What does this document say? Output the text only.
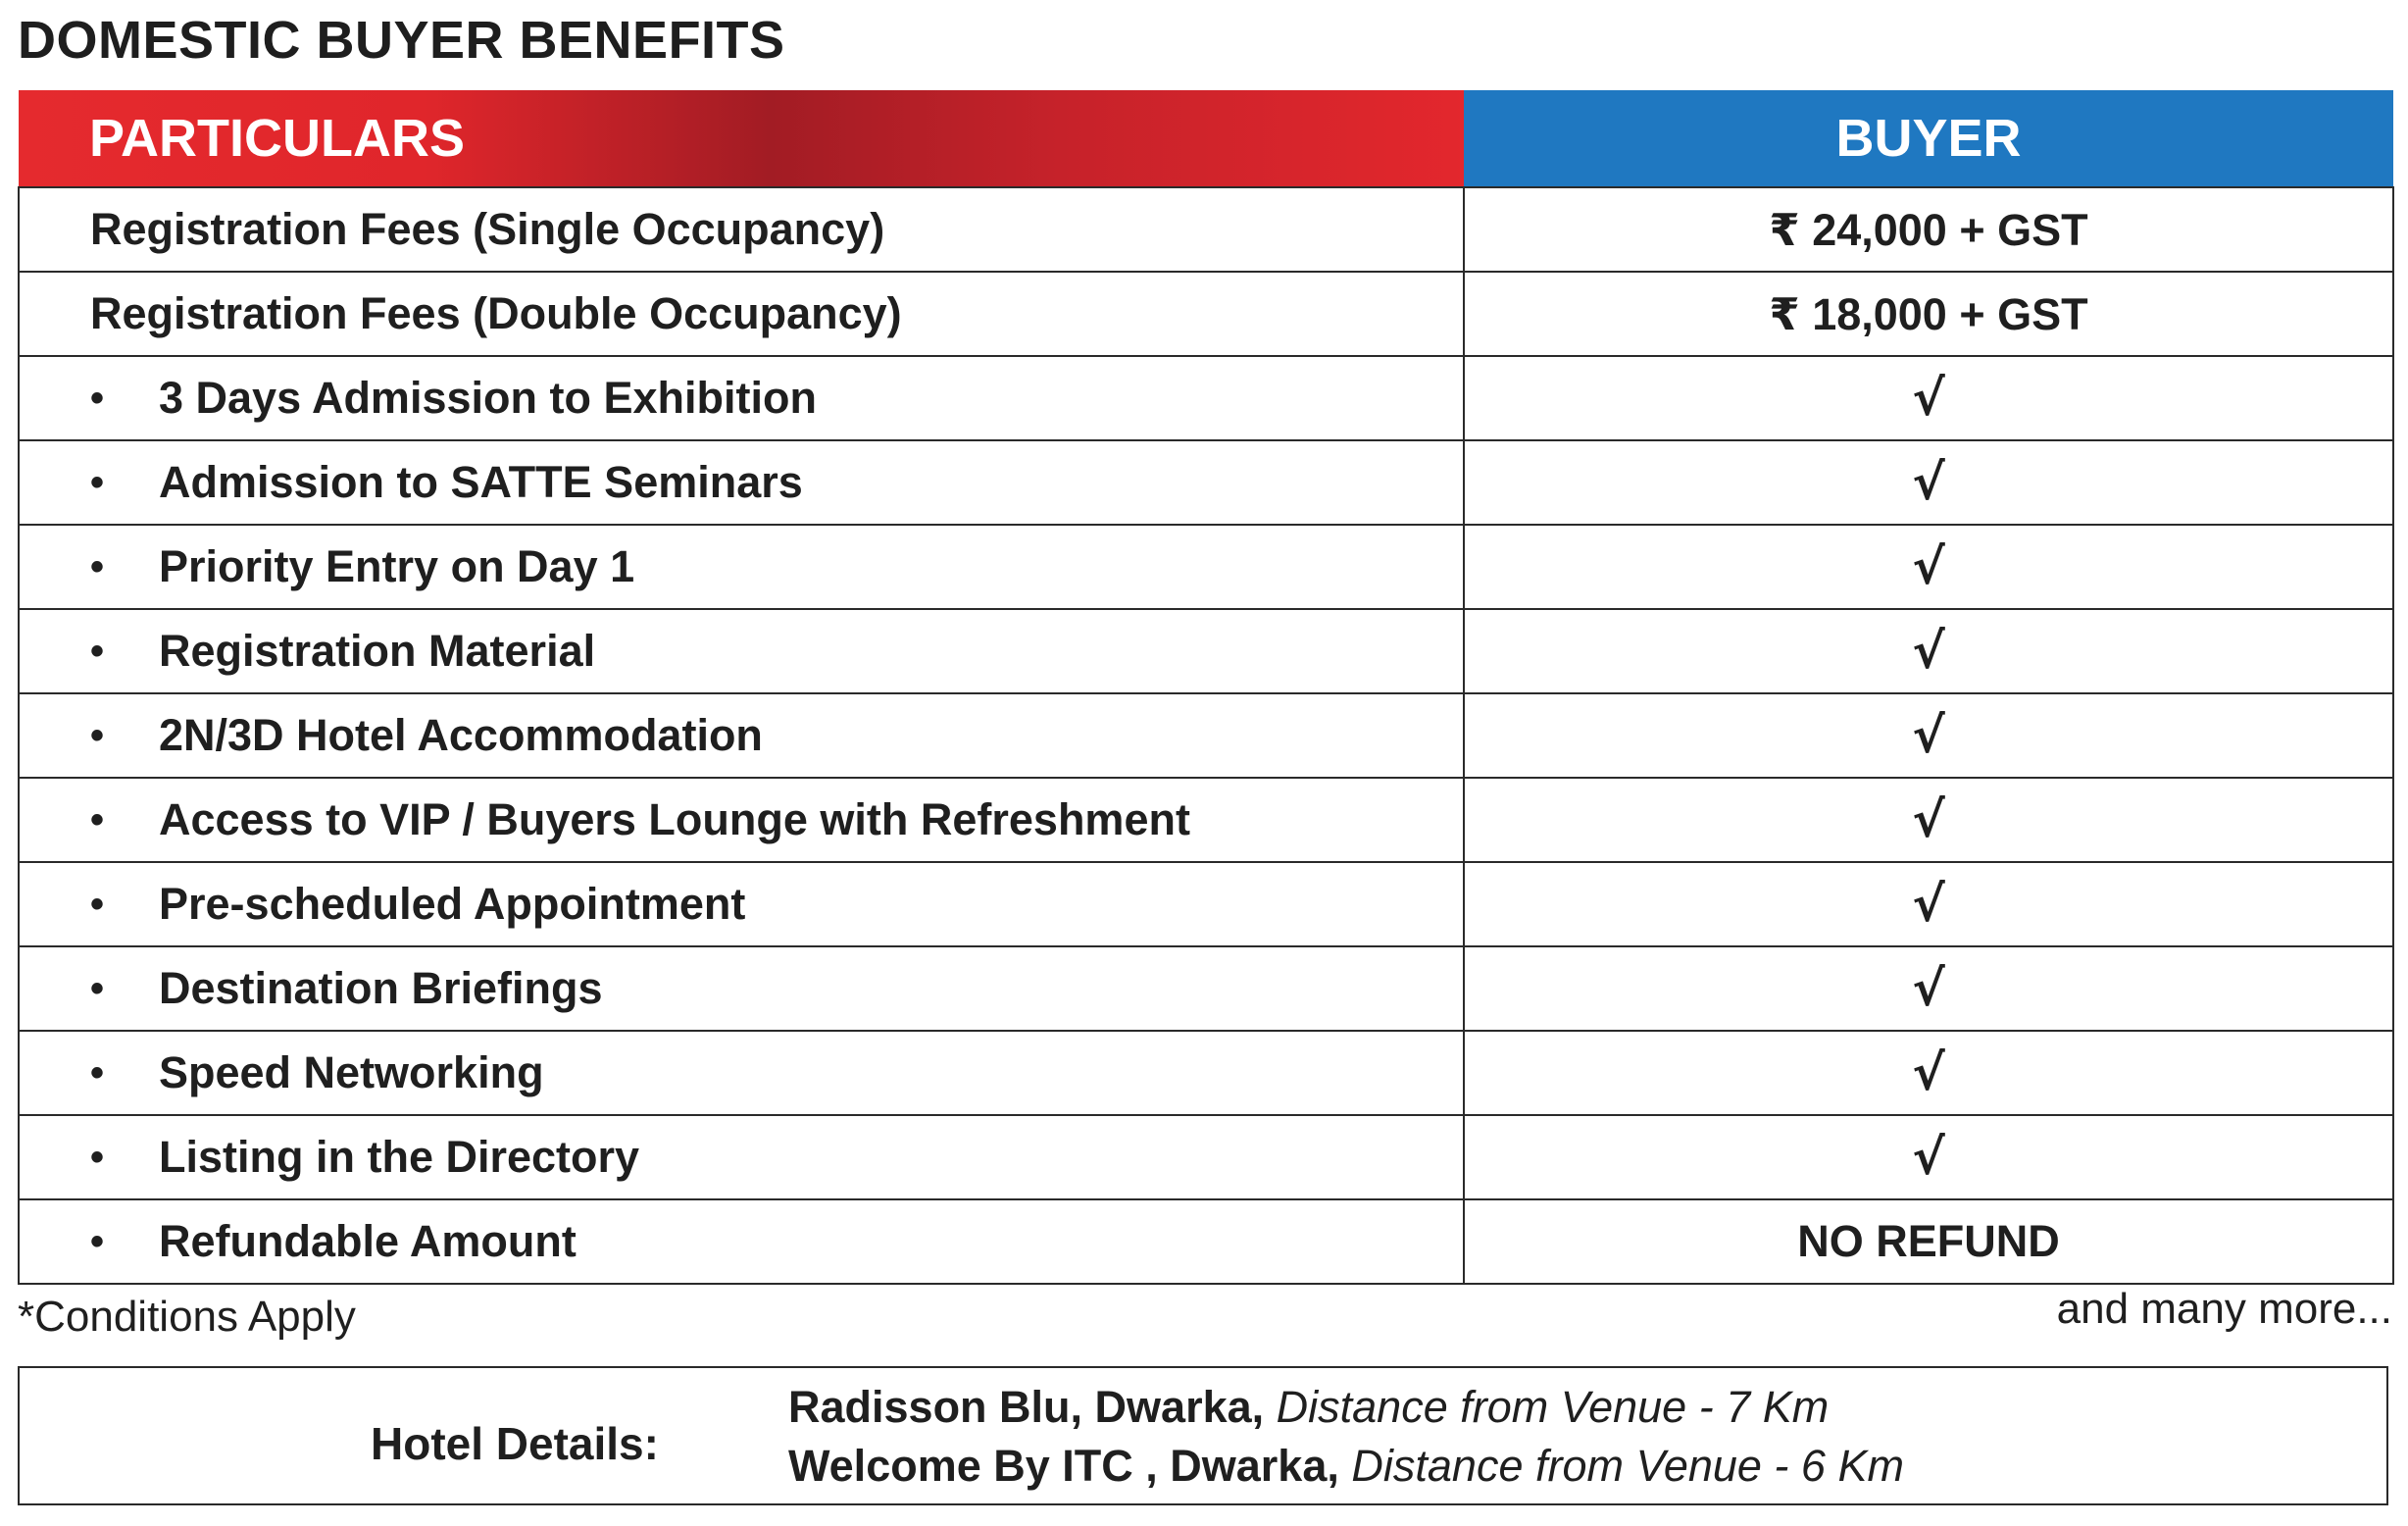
DOMESTIC BUYER BENEFITS
PARTICULARS	BUYER

Registration Fees (Single Occupancy)	₹ 24,000 + GST

Registration Fees (Double Occupancy)	₹ 18,000 + GST

• 3 Days Admission to Exhibition	√

• Admission to SATTE Seminars	√

• Priority Entry on Day 1	√

• Registration Material	√

• 2N/3D Hotel Accommodation	√

• Access to VIP / Buyers Lounge with Refreshment	√

• Pre-scheduled Appointment	√

• Destination Briefings	√

• Speed Networking	√

• Listing in the Directory	√

• Refundable Amount	NO REFUND
*Conditions Apply	and many more...
Hotel Details:
Radisson Blu, Dwarka, Distance from Venue - 7 Km
Welcome By ITC , Dwarka, Distance from Venue - 6 Km
